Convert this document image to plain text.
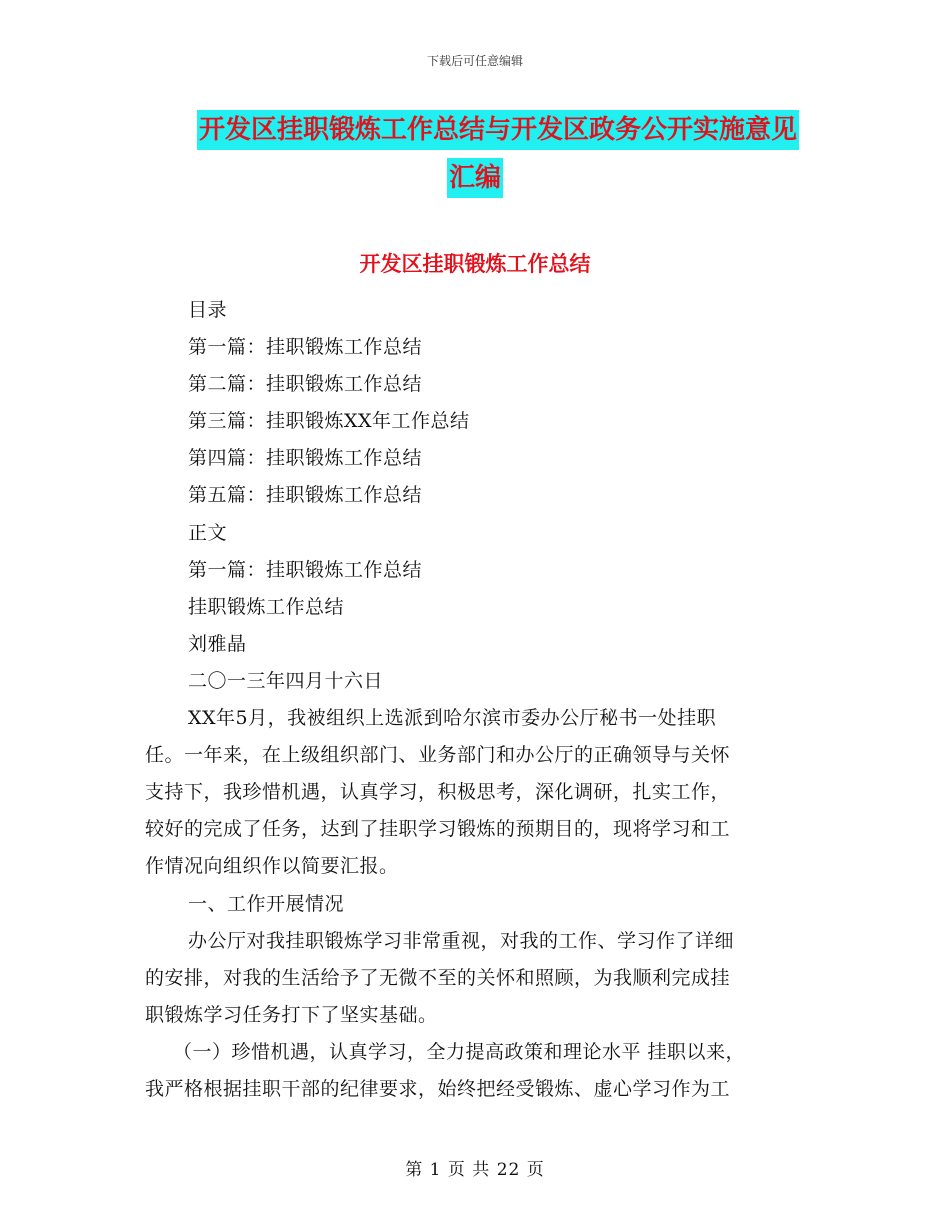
下载后可任意编辑
开发区挂职锻炼工作总结与开发区政务公开实施意见
汇编
开发区挂职锻炼工作总结
目录
第一篇：挂职锻炼工作总结
第二篇：挂职锻炼工作总结
第三篇：挂职锻炼XX年工作总结
第四篇：挂职锻炼工作总结
第五篇：挂职锻炼工作总结
正文
第一篇：挂职锻炼工作总结
挂职锻炼工作总结
刘雅晶
二〇一三年四月十六日
XX年5月，我被组织上选派到哈尔滨市委办公厅秘书一处挂职
任。一年来，在上级组织部门、业务部门和办公厅的正确领导与关怀
支持下，我珍惜机遇，认真学习，积极思考，深化调研，扎实工作，
较好的完成了任务，达到了挂职学习锻炼的预期目的，现将学习和工
作情况向组织作以简要汇报。
一、工作开展情况
办公厅对我挂职锻炼学习非常重视，对我的工作、学习作了详细
的安排，对我的生活给予了无微不至的关怀和照顾，为我顺利完成挂
职锻炼学习任务打下了坚实基础。
（一）珍惜机遇，认真学习，全力提高政策和理论水平 挂职以来，
我严格根据挂职干部的纪律要求，始终把经受锻炼、虚心学习作为工
第 1 页 共 22 页
